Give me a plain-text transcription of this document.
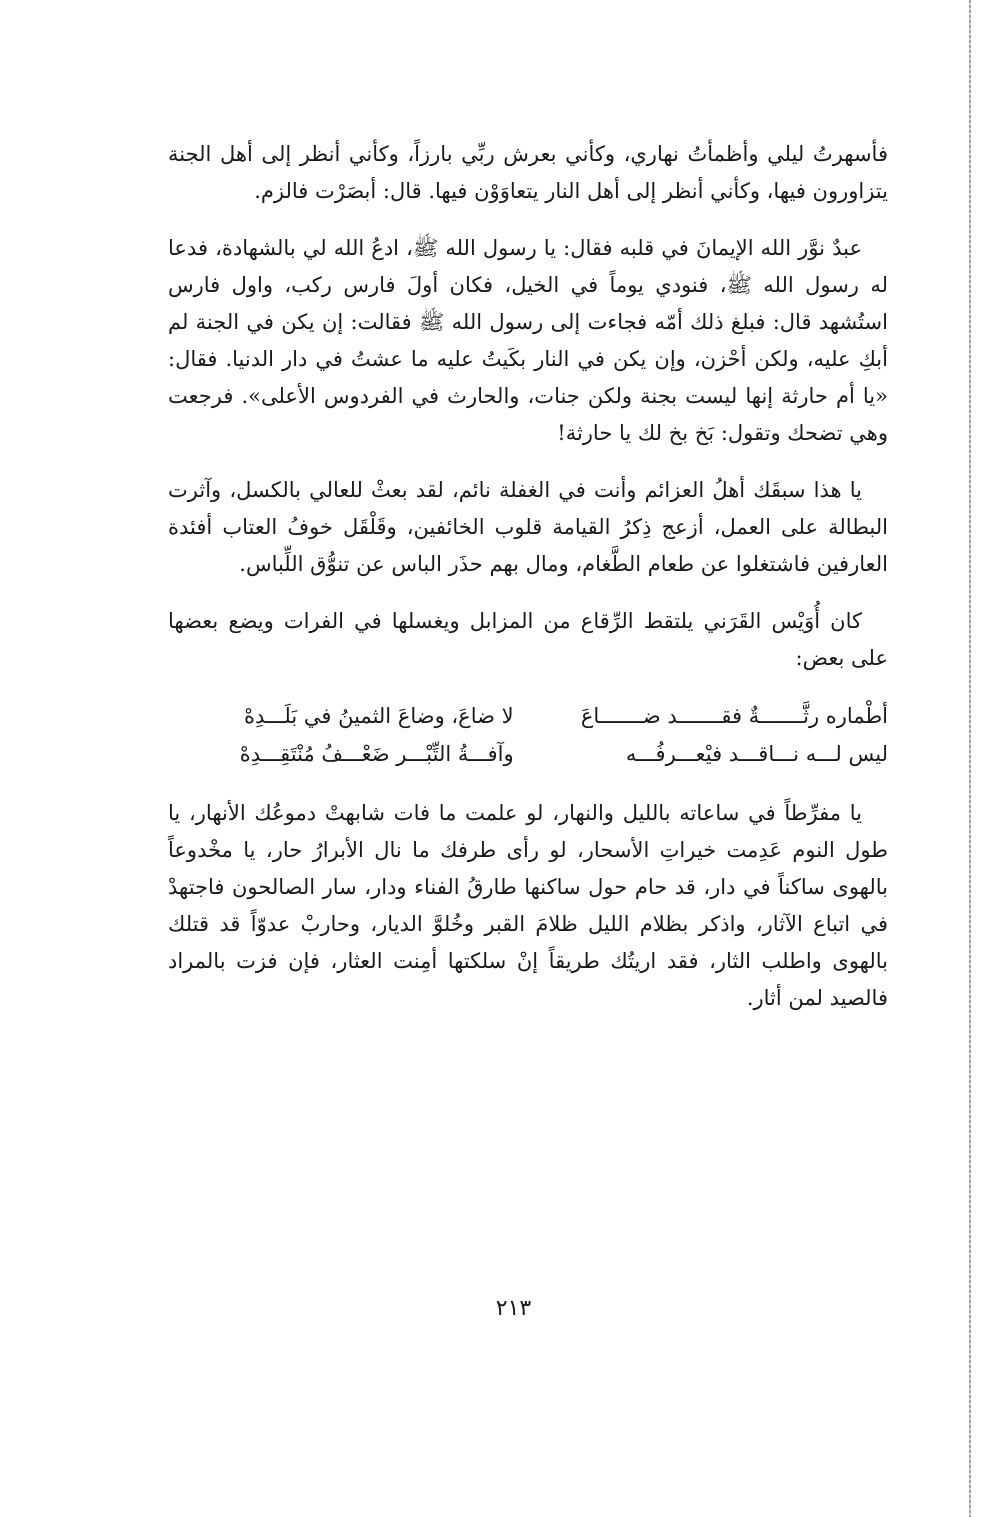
فأسهرتُ ليلي وأظمأتُ نهاري، وكأني بعرش ربِّي بارزاً، وكأني أنظر إلى أهل الجنة يتزاورون فيها، وكأني أنظر إلى أهل النار يتعاوَوْن فيها. قال: أبصَرْت فالزم.

عبدٌ نوَّر الله الإيمانَ في قلبه فقال: يا رسول الله ﷺ، ادعُ الله لي بالشهادة، فدعا له رسول الله ﷺ، فنودي يوماً في الخيل، فكان أولَ فارس ركب، واول فارس استُشهد قال: فبلغ ذلك أمّه فجاءت إلى رسول الله ﷺ فقالت: إن يكن في الجنة لم أبكِ عليه، ولكن أحْزن، وإن يكن في النار بكَيتُ عليه ما عشتُ في دار الدنيا. فقال: «يا أم حارثة إنها ليست بجنة ولكن جنات، والحارث في الفردوس الأعلى». فرجعت وهي تضحك وتقول: بَخ بخ لك يا حارثة!

يا هذا سبقَك أهلُ العزائم وأنت في الغفلة نائم، لقد بعثْ للعالي بالكسل، وآثرت البطالة على العمل، أزعج ذِكرُ القيامة قلوب الخائفين، وقَلْقَل خوفُ العتاب أفئدة العارفين فاشتغلوا عن طعام الطَّغام، ومال بهم حذَر الباس عن تنوُّق اللِّباس.

كان أُوَيْس القَرَني يلتقط الرِّقاع من المزابل ويغسلها في الفرات ويضع بعضها على بعض:

أطْماره رثَّـــــــةٌ فقـــــــد ضـــــــاعَ
لا ضاعَ، وضاعَ الثمينُ في بَلَـــدِهْ
ليس لـــه نـــاقـــد فيْعـــرفُـــه
وآفـــةُ التِّبْـــر ضَعْـــفُ مُنْتَقِـــدِهْ

يا مفرِّطاً في ساعاته بالليل والنهار، لو علمت ما فات شابهتْ دموعُك الأنهار، يا طول النوم عَدِمت خيراتِ الأسحار، لو رأى طرفك ما نال الأبرارُ حار، يا مخْدوعاً بالهوى ساكناً في دار، قد حام حول ساكنها طارقُ الفناء ودار، سار الصالحون فاجتهدْ في اتباع الآثار، واذكر بظلام الليل ظلامَ القبر وخُلوَّ الديار، وحاربْ عدوّاً قد قتلك بالهوى واطلب الثار، فقد اريتُك طريقاً إنْ سلكتها أمِنت العثار، فإن فزت بالمراد فالصيد لمن أثار.

٢١٣
